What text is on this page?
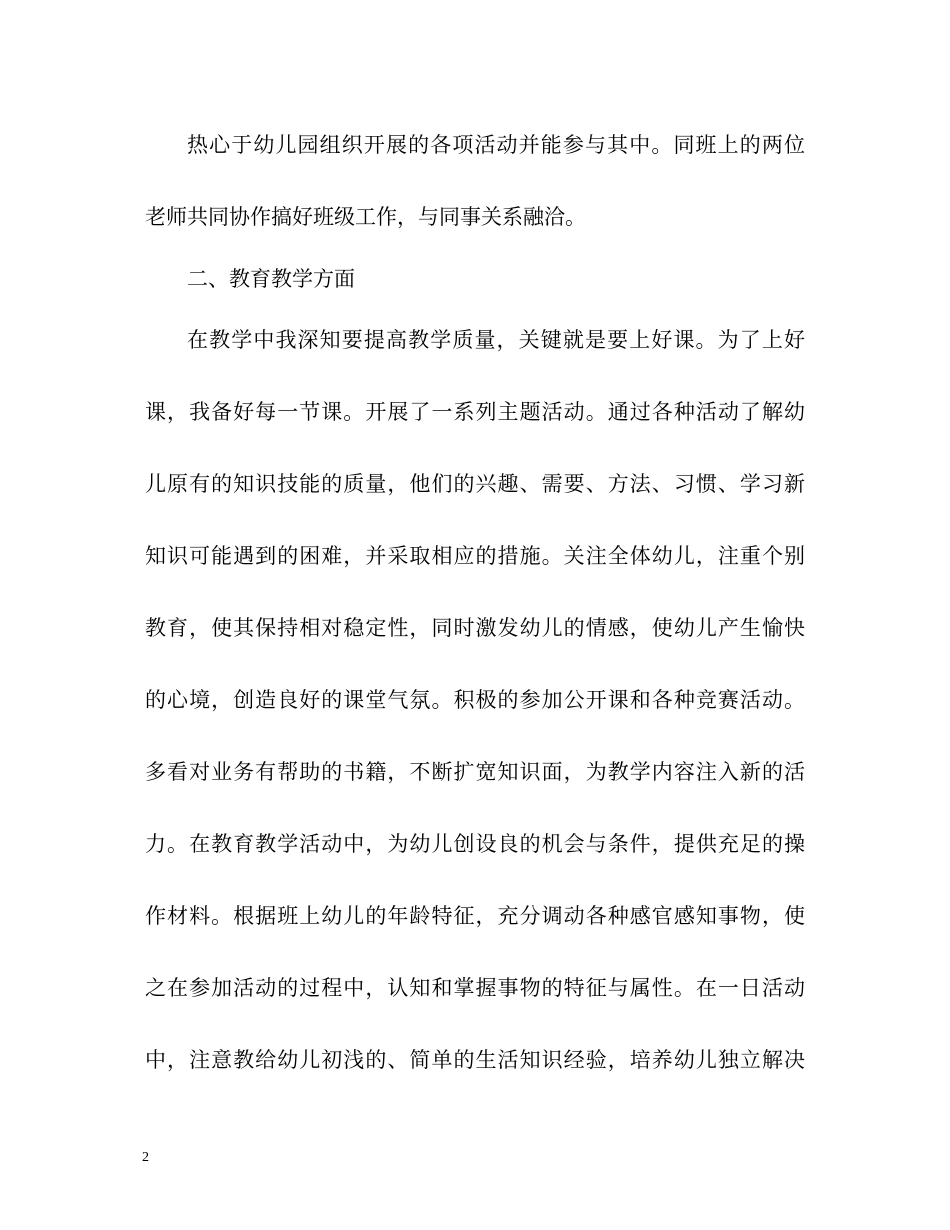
热心于幼儿园组织开展的各项活动并能参与其中。同班上的两位
老师共同协作搞好班级工作，与同事关系融洽。
二、教育教学方面
在教学中我深知要提高教学质量，关键就是要上好课。为了上好
课，我备好每一节课。开展了一系列主题活动。通过各种活动了解幼
儿原有的知识技能的质量，他们的兴趣、需要、方法、习惯、学习新
知识可能遇到的困难，并采取相应的措施。关注全体幼儿，注重个别
教育，使其保持相对稳定性，同时激发幼儿的情感，使幼儿产生愉快
的心境，创造良好的课堂气氛。积极的参加公开课和各种竞赛活动。
多看对业务有帮助的书籍，不断扩宽知识面，为教学内容注入新的活
力。在教育教学活动中，为幼儿创设良的机会与条件，提供充足的操
作材料。根据班上幼儿的年龄特征，充分调动各种感官感知事物，使
之在参加活动的过程中，认知和掌握事物的特征与属性。在一日活动
中，注意教给幼儿初浅的、简单的生活知识经验，培养幼儿独立解决
2
